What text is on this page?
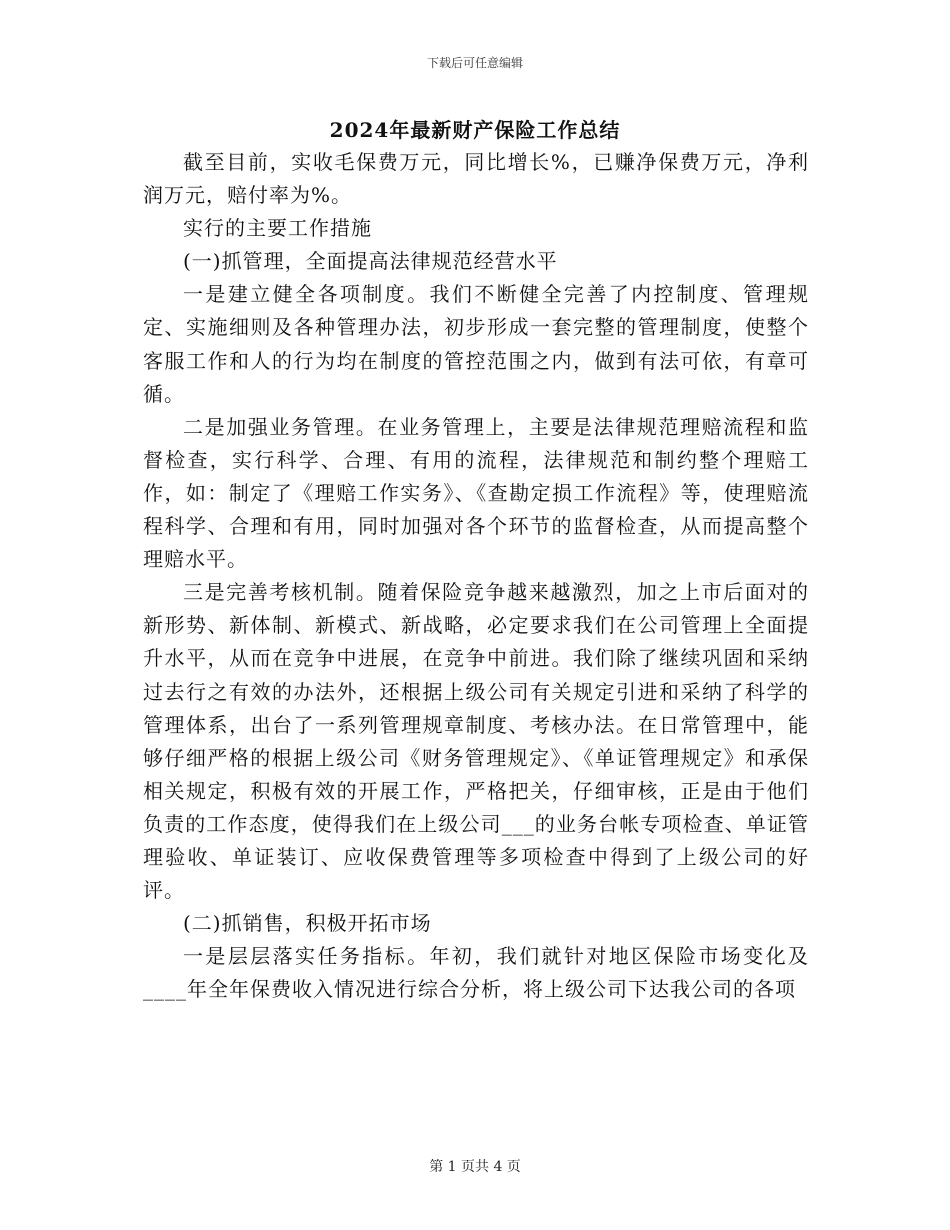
下载后可任意编辑
2024年最新财产保险工作总结

截至目前，实收毛保费万元，同比增长%，已赚净保费万元，净利润万元，赔付率为%。

实行的主要工作措施

(一)抓管理，全面提高法律规范经营水平

一是建立健全各项制度。我们不断健全完善了内控制度、管理规定、实施细则及各种管理办法，初步形成一套完整的管理制度，使整个客服工作和人的行为均在制度的管控范围之内，做到有法可依，有章可循。

二是加强业务管理。在业务管理上，主要是法律规范理赔流程和监督检查，实行科学、合理、有用的流程，法律规范和制约整个理赔工作，如：制定了《理赔工作实务》、《查勘定损工作流程》等，使理赔流程科学、合理和有用，同时加强对各个环节的监督检查，从而提高整个理赔水平。

三是完善考核机制。随着保险竞争越来越激烈，加之上市后面对的新形势、新体制、新模式、新战略，必定要求我们在公司管理上全面提升水平，从而在竞争中进展，在竞争中前进。我们除了继续巩固和采纳过去行之有效的办法外，还根据上级公司有关规定引进和采纳了科学的管理体系，出台了一系列管理规章制度、考核办法。在日常管理中，能够仔细严格的根据上级公司《财务管理规定》、《单证管理规定》和承保相关规定，积极有效的开展工作，严格把关，仔细审核，正是由于他们负责的工作态度，使得我们在上级公司___的业务台帐专项检查、单证管理验收、单证装订、应收保费管理等多项检查中得到了上级公司的好评。

(二)抓销售，积极开拓市场

一是层层落实任务指标。年初，我们就针对地区保险市场变化及____年全年保费收入情况进行综合分析，将上级公司下达我公司的各项

第 1 页共 4 页
